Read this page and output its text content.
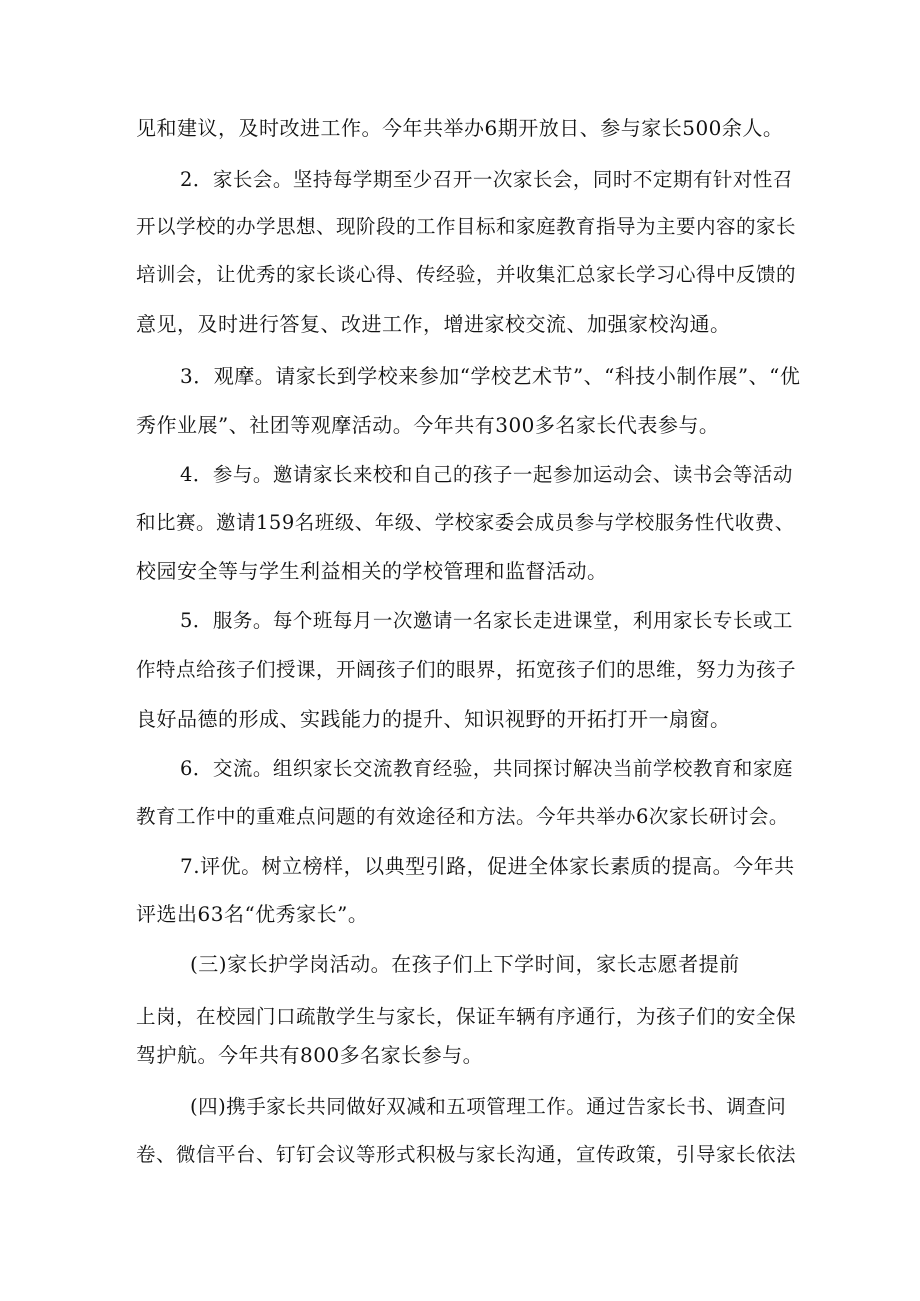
见和建议，及时改进工作。今年共举办6期开放日、参与家长500余人。
2．家长会。坚持每学期至少召开一次家长会，同时不定期有针对性召
开以学校的办学思想、现阶段的工作目标和家庭教育指导为主要内容的家长
培训会，让优秀的家长谈心得、传经验，并收集汇总家长学习心得中反馈的
意见，及时进行答复、改进工作，增进家校交流、加强家校沟通。
3．观摩。请家长到学校来参加“学校艺术节”、“科技小制作展”、“优
秀作业展”、社团等观摩活动。今年共有300多名家长代表参与。
4．参与。邀请家长来校和自己的孩子一起参加运动会、读书会等活动
和比赛。邀请159名班级、年级、学校家委会成员参与学校服务性代收费、
校园安全等与学生利益相关的学校管理和监督活动。
5．服务。每个班每月一次邀请一名家长走进课堂，利用家长专长或工
作特点给孩子们授课，开阔孩子们的眼界，拓宽孩子们的思维，努力为孩子
良好品德的形成、实践能力的提升、知识视野的开拓打开一扇窗。
6．交流。组织家长交流教育经验，共同探讨解决当前学校教育和家庭
教育工作中的重难点问题的有效途径和方法。今年共举办6次家长研讨会。
7.评优。树立榜样，以典型引路，促进全体家长素质的提高。今年共
评选出63名“优秀家长”。
(三)家长护学岗活动。在孩子们上下学时间，家长志愿者提前
上岗，在校园门口疏散学生与家长，保证车辆有序通行，为孩子们的安全保
驾护航。今年共有800多名家长参与。
(四)携手家长共同做好双减和五项管理工作。通过告家长书、调查问
卷、微信平台、钉钉会议等形式积极与家长沟通，宣传政策，引导家长依法
